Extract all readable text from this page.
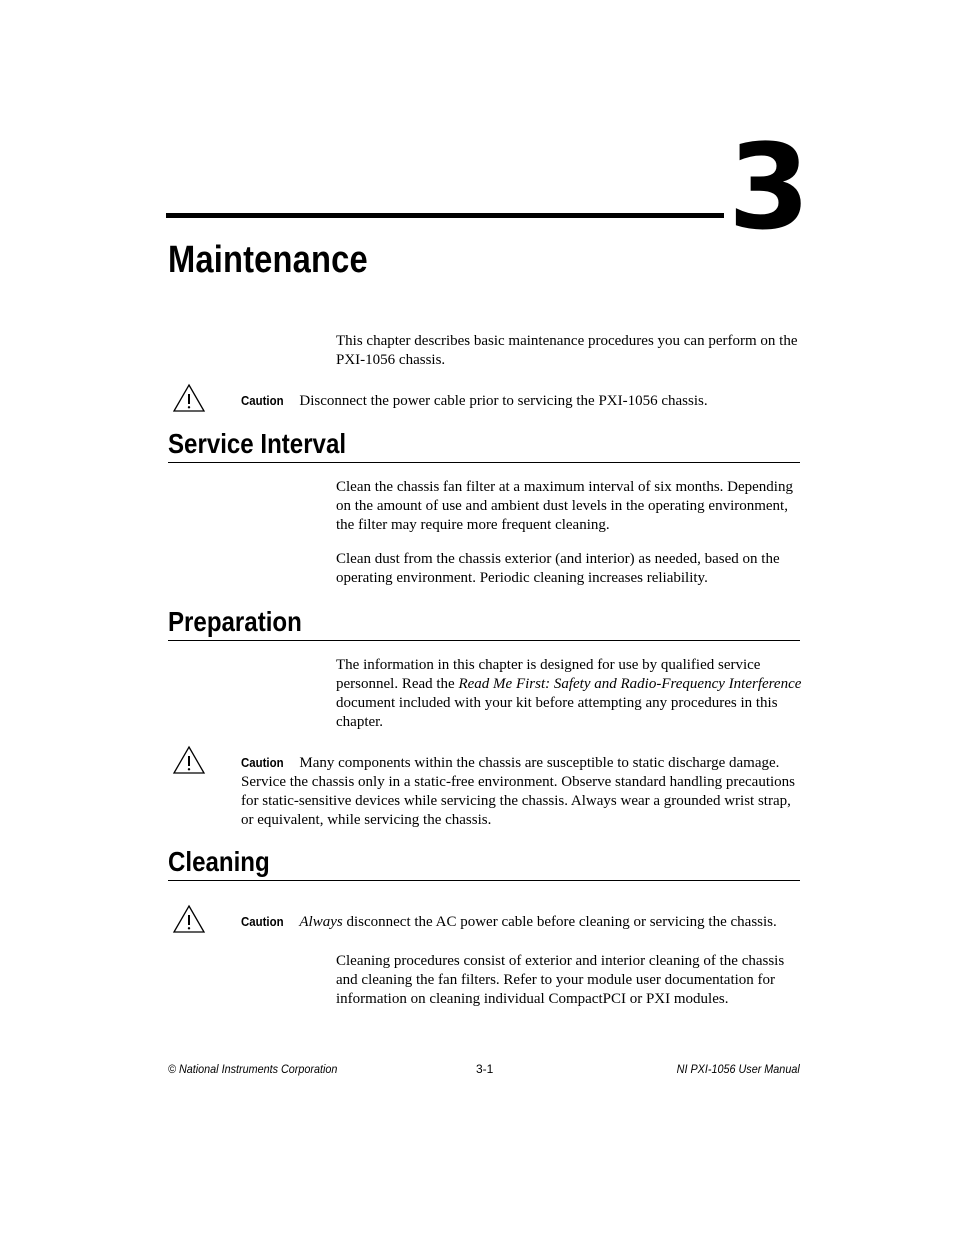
3
Maintenance

This chapter describes basic maintenance procedures you can perform on the PXI-1056 chassis.

Caution Disconnect the power cable prior to servicing the PXI-1056 chassis.

Service Interval

Clean the chassis fan filter at a maximum interval of six months. Depending on the amount of use and ambient dust levels in the operating environment, the filter may require more frequent cleaning.

Clean dust from the chassis exterior (and interior) as needed, based on the operating environment. Periodic cleaning increases reliability.

Preparation

The information in this chapter is designed for use by qualified service personnel. Read the Read Me First: Safety and Radio-Frequency Interference document included with your kit before attempting any procedures in this chapter.

Caution Many components within the chassis are susceptible to static discharge damage. Service the chassis only in a static-free environment. Observe standard handling precautions for static-sensitive devices while servicing the chassis. Always wear a grounded wrist strap, or equivalent, while servicing the chassis.

Cleaning

Caution Always disconnect the AC power cable before cleaning or servicing the chassis.

Cleaning procedures consist of exterior and interior cleaning of the chassis and cleaning the fan filters. Refer to your module user documentation for information on cleaning individual CompactPCI or PXI modules.

© National Instruments Corporation	3-1	NI PXI-1056 User Manual
